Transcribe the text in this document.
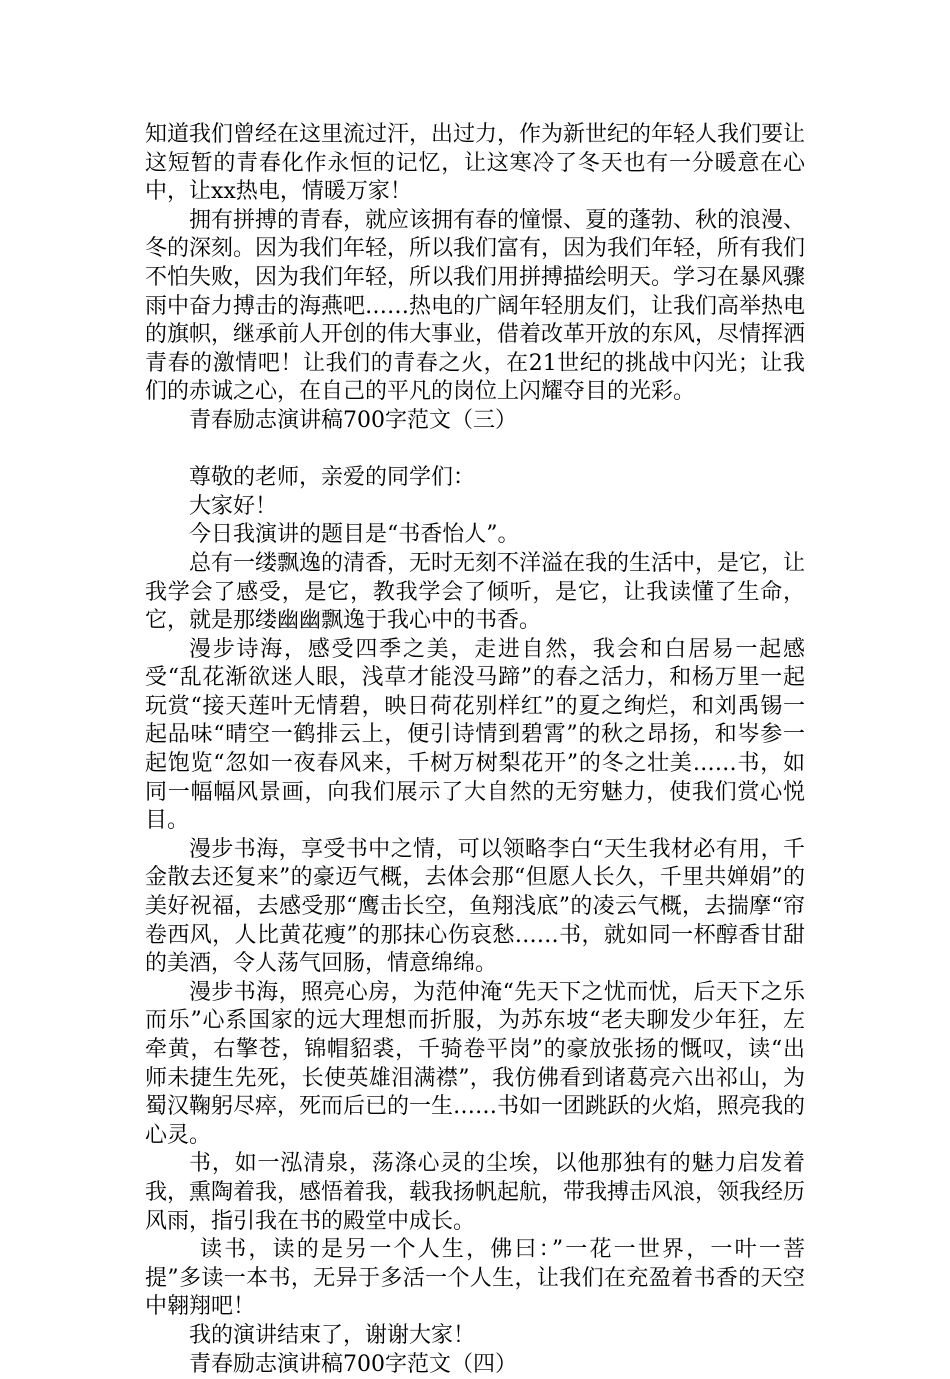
知道我们曾经在这里流过汗，出过力，作为新世纪的年轻人我们要让这短暂的青春化作永恒的记忆，让这寒冷了冬天也有一分暖意在心中，让xx热电，情暖万家！

拥有拼搏的青春，就应该拥有春的憧憬、夏的蓬勃、秋的浪漫、冬的深刻。因为我们年轻，所以我们富有，因为我们年轻，所有我们不怕失败，因为我们年轻，所以我们用拼搏描绘明天。学习在暴风骤雨中奋力搏击的海燕吧……热电的广阔年轻朋友们，让我们高举热电的旗帜，继承前人开创的伟大事业，借着改革开放的东风，尽情挥洒青春的激情吧！让我们的青春之火，在21世纪的挑战中闪光；让我们的赤诚之心，在自己的平凡的岗位上闪耀夺目的光彩。

青春励志演讲稿700字范文（三）

尊敬的老师，亲爱的同学们：

大家好！

今日我演讲的题目是“书香怡人”。

总有一缕飘逸的清香，无时无刻不洋溢在我的生活中，是它，让我学会了感受，是它，教我学会了倾听，是它，让我读懂了生命，它，就是那缕幽幽飘逸于我心中的书香。

漫步诗海，感受四季之美，走进自然，我会和白居易一起感受“乱花渐欲迷人眼，浅草才能没马蹄”的春之活力，和杨万里一起玩赏“接天莲叶无情碧，映日荷花别样红”的夏之绚烂，和刘禹锡一起品味“晴空一鹤排云上，便引诗情到碧霄”的秋之昂扬，和岑参一起饱览“忽如一夜春风来，千树万树梨花开”的冬之壮美……书，如同一幅幅风景画，向我们展示了大自然的无穷魅力，使我们赏心悦目。

漫步书海，享受书中之情，可以领略李白“天生我材必有用，千金散去还复来”的豪迈气概，去体会那“但愿人长久，千里共婵娟”的美好祝福，去感受那“鹰击长空，鱼翔浅底”的凌云气概，去揣摩“帘卷西风，人比黄花瘦”的那抹心伤哀愁……书，就如同一杯醇香甘甜的美酒，令人荡气回肠，情意绵绵。

漫步书海，照亮心房，为范仲淹“先天下之忧而忧，后天下之乐而乐”心系国家的远大理想而折服，为苏东坡“老夫聊发少年狂，左牵黄，右擎苍，锦帽貂裘，千骑卷平岗”的豪放张扬的慨叹，读“出师未捷生先死，长使英雄泪满襟”，我仿佛看到诸葛亮六出祁山，为蜀汉鞠躬尽瘁，死而后已的一生……书如一团跳跃的火焰，照亮我的心灵。

书，如一泓清泉，荡涤心灵的尘埃，以他那独有的魅力启发着我，熏陶着我，感悟着我，载我扬帆起航，带我搏击风浪，领我经历风雨，指引我在书的殿堂中成长。

读书，读的是另一个人生，佛曰：”一花一世界，一叶一菩提”多读一本书，无异于多活一个人生，让我们在充盈着书香的天空中翱翔吧！

我的演讲结束了，谢谢大家！

青春励志演讲稿700字范文（四）
